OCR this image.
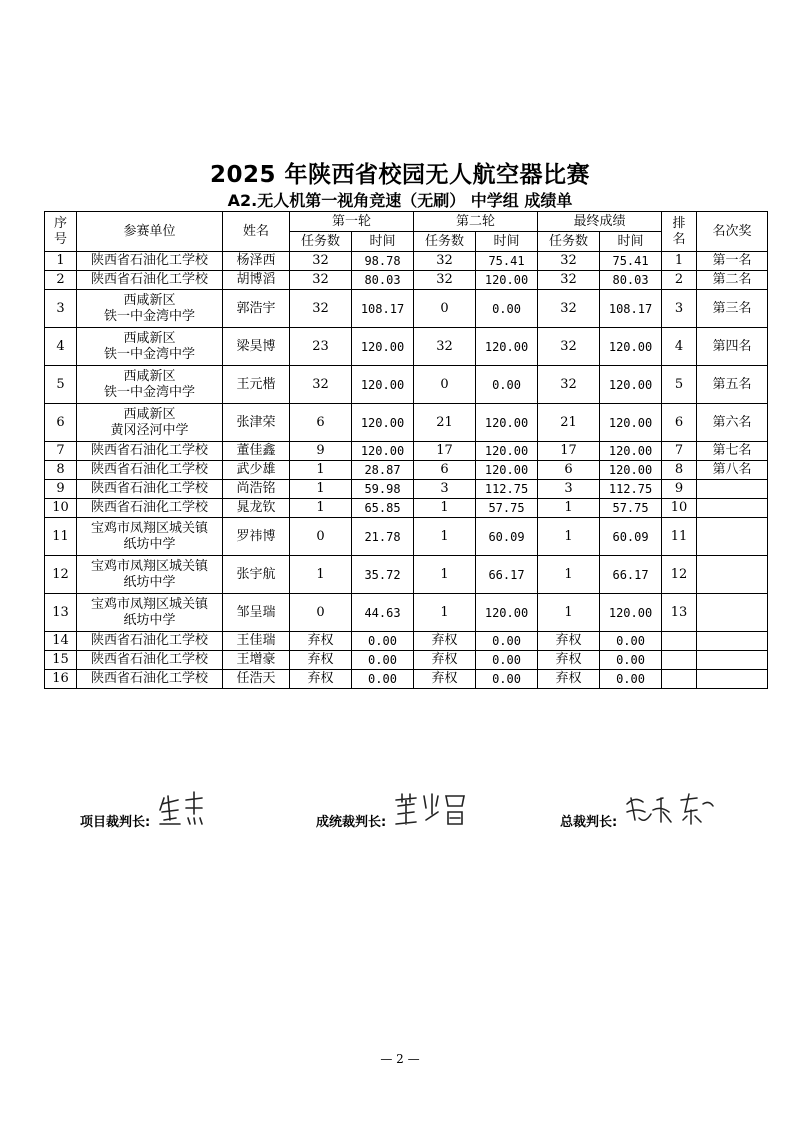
2025 年陕西省校园无人航空器比赛
A2.无人机第一视角竞速（无刷） 中学组 成绩单
序
号	参赛单位	姓名	第一轮		第二轮		最终成绩		排
名	名次奖
			任务数	时间	任务数	时间	任务数	时间		
1	陕西省石油化工学校	杨泽西	32	98.78	32	75.41	32	75.41	1	第一名
2	陕西省石油化工学校	胡博滔	32	80.03	32	120.00	32	80.03	2	第二名
3	西咸新区
铁一中金湾中学	郭浩宇	32	108.17	0	0.00	32	108.17	3	第三名
4	西咸新区
铁一中金湾中学	梁昊博	23	120.00	32	120.00	32	120.00	4	第四名
5	西咸新区
铁一中金湾中学	王元楷	32	120.00	0	0.00	32	120.00	5	第五名
6	西咸新区
黄冈泾河中学	张津荣	6	120.00	21	120.00	21	120.00	6	第六名
7	陕西省石油化工学校	董佳鑫	9	120.00	17	120.00	17	120.00	7	第七名
8	陕西省石油化工学校	武少雄	1	28.87	6	120.00	6	120.00	8	第八名
9	陕西省石油化工学校	尚浩铭	1	59.98	3	112.75	3	112.75	9	
10	陕西省石油化工学校	晁龙钦	1	65.85	1	57.75	1	57.75	10	
11	宝鸡市凤翔区城关镇
纸坊中学	罗祎博	0	21.78	1	60.09	1	60.09	11	
12	宝鸡市凤翔区城关镇
纸坊中学	张宇航	1	35.72	1	66.17	1	66.17	12	
13	宝鸡市凤翔区城关镇
纸坊中学	邹呈瑞	0	44.63	1	120.00	1	120.00	13	
14	陕西省石油化工学校	王佳瑞	弃权	0.00	弃权	0.00	弃权	0.00		
15	陕西省石油化工学校	王增豪	弃权	0.00	弃权	0.00	弃权	0.00		
16	陕西省石油化工学校	任浩天	弃权	0.00	弃权	0.00	弃权	0.00		
项目裁判长:	成统裁判长:	总裁判长:
— 2 —
